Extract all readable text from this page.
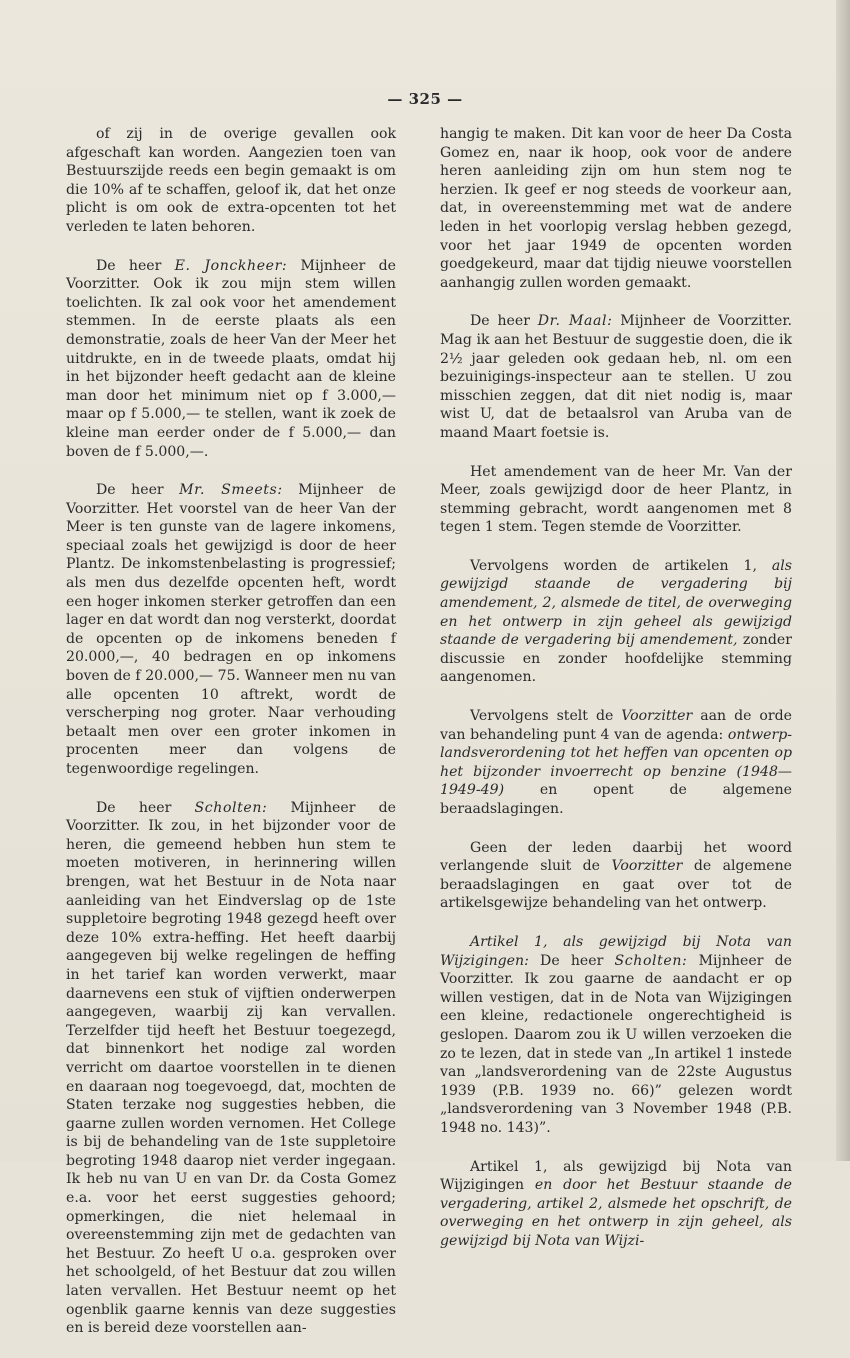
— 325 —

of zij in de overige gevallen ook afgeschaft kan worden. Aangezien toen van Bestuurszijde reeds een begin gemaakt is om die 10% af te schaffen, geloof ik, dat het onze plicht is om ook de extra-opcenten tot het verleden te laten behoren.

De heer E. Jonckheer: Mijnheer de Voorzitter. Ook ik zou mijn stem willen toelichten. Ik zal ook voor het amendement stemmen. In de eerste plaats als een demonstratie, zoals de heer Van der Meer het uitdrukte, en in de tweede plaats, omdat hij in het bijzonder heeft gedacht aan de kleine man door het minimum niet op f 3.000,— maar op f 5.000,— te stellen, want ik zoek de kleine man eerder onder de f 5.000,— dan boven de f 5.000,—.

De heer Mr. Smeets: Mijnheer de Voorzitter. Het voorstel van de heer Van der Meer is ten gunste van de lagere inkomens, speciaal zoals het gewijzigd is door de heer Plantz. De inkomstenbelasting is progressief; als men dus dezelfde opcenten heft, wordt een hoger inkomen sterker getroffen dan een lager en dat wordt dan nog versterkt, doordat de opcenten op de inkomens beneden f 20.000,—, 40 bedragen en op inkomens boven de f 20.000,— 75. Wanneer men nu van alle opcenten 10 aftrekt, wordt de verscherping nog groter. Naar verhouding betaalt men over een groter inkomen in procenten meer dan volgens de tegenwoordige regelingen.

De heer Scholten: Mijnheer de Voorzitter. Ik zou, in het bijzonder voor de heren, die gemeend hebben hun stem te moeten motiveren, in herinnering willen brengen, wat het Bestuur in de Nota naar aanleiding van het Eindverslag op de 1ste suppletoire begroting 1948 gezegd heeft over deze 10% extra-heffing. Het heeft daarbij aangegeven bij welke regelingen de heffing in het tarief kan worden verwerkt, maar daarnevens een stuk of vijftien onderwerpen aangegeven, waarbij zij kan vervallen. Terzelfder tijd heeft het Bestuur toegezegd, dat binnenkort het nodige zal worden verricht om daartoe voorstellen in te dienen en daaraan nog toegevoegd, dat, mochten de Staten terzake nog suggesties hebben, die gaarne zullen worden vernomen. Het College is bij de behandeling van de 1ste suppletoire begroting 1948 daarop niet verder ingegaan. Ik heb nu van U en van Dr. da Costa Gomez e.a. voor het eerst suggesties gehoord; opmerkingen, die niet helemaal in overeenstemming zijn met de gedachten van het Bestuur. Zo heeft U o.a. gesproken over het schoolgeld, of het Bestuur dat zou willen laten vervallen. Het Bestuur neemt op het ogenblik gaarne kennis van deze suggesties en is bereid deze voorstellen aan-

hangig te maken. Dit kan voor de heer Da Costa Gomez en, naar ik hoop, ook voor de andere heren aanleiding zijn om hun stem nog te herzien. Ik geef er nog steeds de voorkeur aan, dat, in overeenstemming met wat de andere leden in het voorlopig verslag hebben gezegd, voor het jaar 1949 de opcenten worden goedgekeurd, maar dat tijdig nieuwe voorstellen aanhangig zullen worden gemaakt.

De heer Dr. Maal: Mijnheer de Voorzitter. Mag ik aan het Bestuur de suggestie doen, die ik 2½ jaar geleden ook gedaan heb, nl. om een bezuinigings-inspecteur aan te stellen. U zou misschien zeggen, dat dit niet nodig is, maar wist U, dat de betaalsrol van Aruba van de maand Maart foetsie is.

Het amendement van de heer Mr. Van der Meer, zoals gewijzigd door de heer Plantz, in stemming gebracht, wordt aangenomen met 8 tegen 1 stem. Tegen stemde de Voorzitter.

Vervolgens worden de artikelen 1, als gewijzigd staande de vergadering bij amendement, 2, alsmede de titel, de overweging en het ontwerp in zijn geheel als gewijzigd staande de vergadering bij amendement, zonder discussie en zonder hoofdelijke stemming aangenomen.

Vervolgens stelt de Voorzitter aan de orde van behandeling punt 4 van de agenda: ontwerp-landsverordening tot het heffen van opcenten op het bijzonder invoerrecht op benzine (1948—1949-49) en opent de algemene beraadslagingen.

Geen der leden daarbij het woord verlangende sluit de Voorzitter de algemene beraadslagingen en gaat over tot de artikelsgewijze behandeling van het ontwerp.

Artikel 1, als gewijzigd bij Nota van Wijzigingen: De heer Scholten: Mijnheer de Voorzitter. Ik zou gaarne de aandacht er op willen vestigen, dat in de Nota van Wijzigingen een kleine, redactionele ongerechtigheid is geslopen. Daarom zou ik U willen verzoeken die zo te lezen, dat in stede van „In artikel 1 instede van „landsverordening van de 22ste Augustus 1939 (P.B. 1939 no. 66)” gelezen wordt „landsverordening van 3 November 1948 (P.B. 1948 no. 143)”.

Artikel 1, als gewijzigd bij Nota van Wijzigingen en door het Bestuur staande de vergadering, artikel 2, alsmede het opschrift, de overweging en het ontwerp in zijn geheel, als gewijzigd bij Nota van Wijzi-
